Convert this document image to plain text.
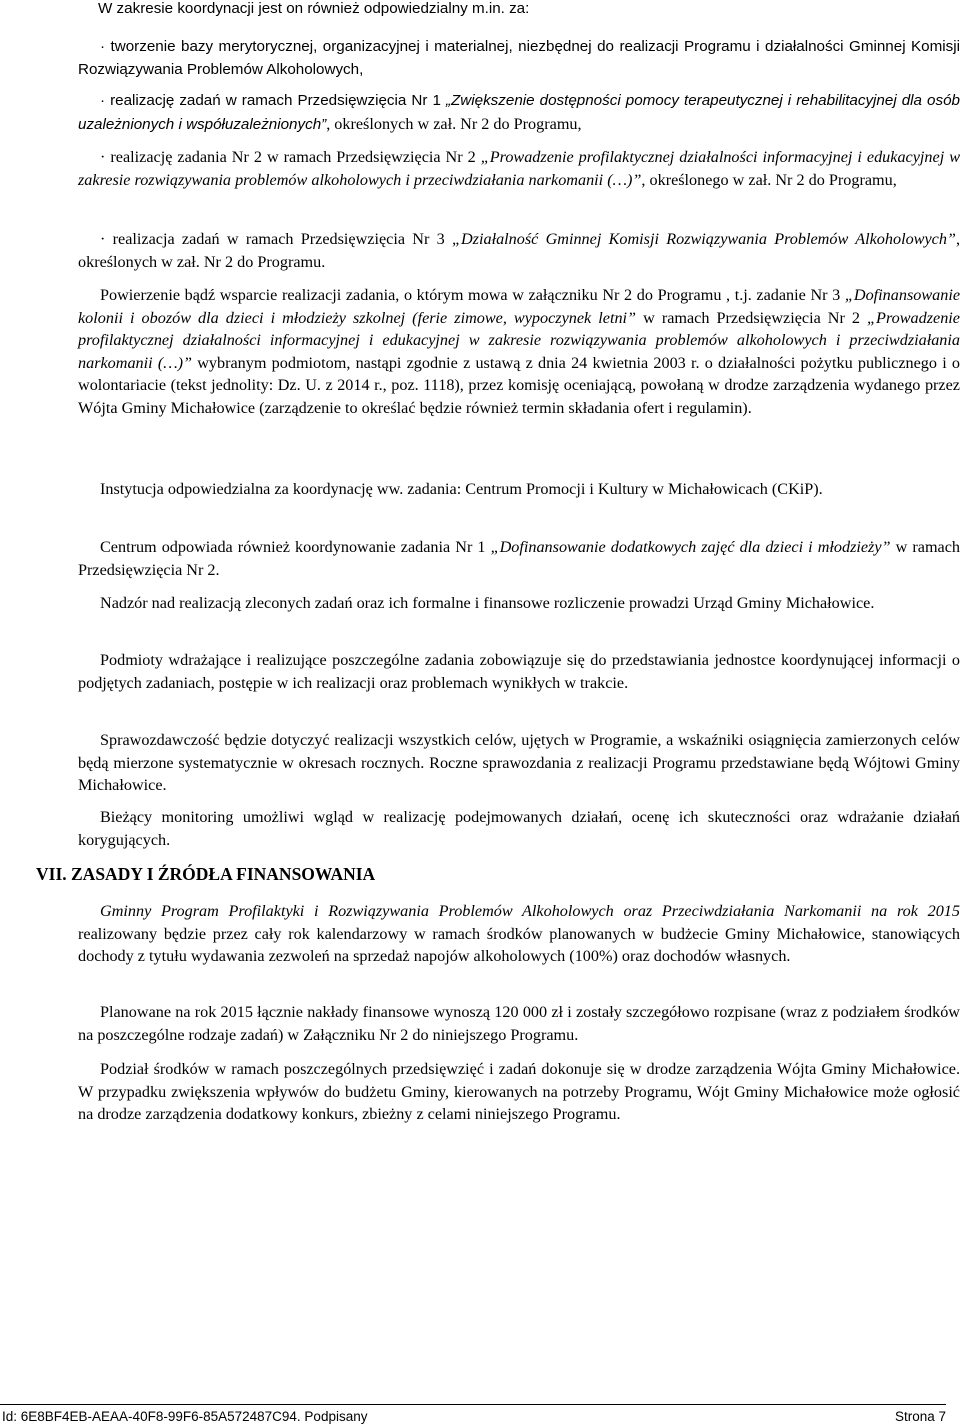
W zakresie koordynacji jest on również odpowiedzialny m.in. za:

· tworzenie bazy merytorycznej, organizacyjnej i materialnej, niezbędnej do realizacji Programu i działalności Gminnej Komisji Rozwiązywania Problemów Alkoholowych,

· realizację zadań w ramach Przedsięwzięcia Nr 1 „Zwiększenie dostępności pomocy terapeutycznej i rehabilitacyjnej dla osób uzależnionych i współuzależnionych”, określonych w zał. Nr 2 do Programu,

· realizację zadania Nr 2 w ramach Przedsięwzięcia Nr 2 „Prowadzenie profilaktycznej działalności informacyjnej i edukacyjnej w zakresie rozwiązywania problemów alkoholowych i przeciwdziałania narkomanii (…)”, określonego w zał. Nr 2 do Programu,

· realizacja zadań w ramach Przedsięwzięcia Nr 3 „Działalność Gminnej Komisji Rozwiązywania Problemów Alkoholowych”, określonych w zał. Nr 2 do Programu.

Powierzenie bądź wsparcie realizacji zadania, o którym mowa w załączniku Nr 2 do Programu , t.j. zadanie Nr 3 „Dofinansowanie kolonii i obozów dla dzieci i młodzieży szkolnej (ferie zimowe, wypoczynek letni” w ramach Przedsięwzięcia Nr 2 „Prowadzenie profilaktycznej działalności informacyjnej i edukacyjnej w zakresie rozwiązywania problemów alkoholowych i przeciwdziałania narkomanii (…)” wybranym podmiotom, nastąpi zgodnie z ustawą z dnia 24 kwietnia 2003 r. o działalności pożytku publicznego i o wolontariacie (tekst jednolity: Dz. U. z 2014 r., poz. 1118), przez komisję oceniającą, powołaną w drodze zarządzenia wydanego przez Wójta Gminy Michałowice (zarządzenie to określać będzie również termin składania ofert i regulamin).

Instytucja odpowiedzialna za koordynację ww. zadania: Centrum Promocji i Kultury w Michałowicach (CKiP).

Centrum odpowiada również koordynowanie zadania Nr 1 „Dofinansowanie dodatkowych zajęć dla dzieci i młodzieży” w ramach Przedsięwzięcia Nr 2.

Nadzór nad realizacją zleconych zadań oraz ich formalne i finansowe rozliczenie prowadzi Urząd Gminy Michałowice.

Podmioty wdrażające i realizujące poszczególne zadania zobowiązuje się do przedstawiania jednostce koordynującej informacji o podjętych zadaniach, postępie w ich realizacji oraz problemach wynikłych w trakcie.

Sprawozdawczość będzie dotyczyć realizacji wszystkich celów, ujętych w Programie, a wskaźniki osiągnięcia zamierzonych celów będą mierzone systematycznie w okresach rocznych. Roczne sprawozdania z realizacji Programu przedstawiane będą Wójtowi Gminy Michałowice.

Bieżący monitoring umożliwi wgląd w realizację podejmowanych działań, ocenę ich skuteczności oraz wdrażanie działań korygujących.

VII. ZASADY I ŹRÓDŁA FINANSOWANIA

Gminny Program Profilaktyki i Rozwiązywania Problemów Alkoholowych oraz Przeciwdziałania Narkomanii na rok 2015 realizowany będzie przez cały rok kalendarzowy w ramach środków planowanych w budżecie Gminy Michałowice, stanowiących dochody z tytułu wydawania zezwoleń na sprzedaż napojów alkoholowych (100%) oraz dochodów własnych.

Planowane na rok 2015 łącznie nakłady finansowe wynoszą 120 000 zł i zostały szczegółowo rozpisane (wraz z podziałem środków na poszczególne rodzaje zadań) w Załączniku Nr 2 do niniejszego Programu.

Podział środków w ramach poszczególnych przedsięwzięć i zadań dokonuje się w drodze zarządzenia Wójta Gminy Michałowice. W przypadku zwiększenia wpływów do budżetu Gminy, kierowanych na potrzeby Programu, Wójt Gminy Michałowice może ogłosić na drodze zarządzenia dodatkowy konkurs, zbieżny z celami niniejszego Programu.

Id: 6E8BF4EB-AEAA-40F8-99F6-85A572487C94. Podpisany	Strona 7
